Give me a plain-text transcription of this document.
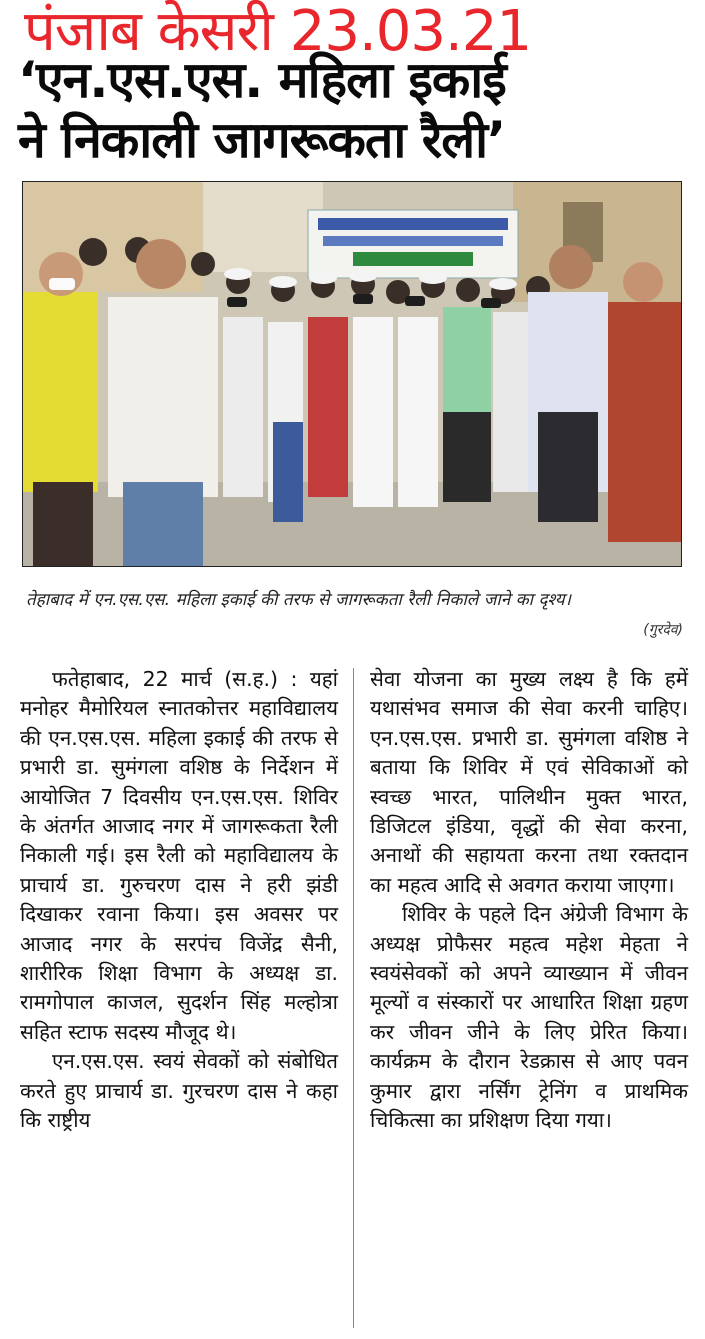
पंजाब केसरी 23.03.21
‘एन.एस.एस. महिला इकाई
ने निकाली जागरूकता रैली’
तेहाबाद में एन.एस.एस. महिला इकाई की तरफ से जागरूकता रैली निकाले जाने का दृश्य।
(गुरदेव)

फतेहाबाद, 22 मार्च (स.ह.) : यहां मनोहर मैमोरियल स्नातकोत्तर महाविद्यालय की एन.एस.एस. महिला इकाई की तरफ से प्रभारी डा. सुमंगला वशिष्ठ के निर्देशन में आयोजित 7 दिवसीय एन.एस.एस. शिविर के अंतर्गत आजाद नगर में जागरूकता रैली निकाली गई। इस रैली को महाविद्यालय के प्राचार्य डा. गुरुचरण दास ने हरी झंडी दिखाकर रवाना किया। इस अवसर पर आजाद नगर के सरपंच विजेंद्र सैनी, शारीरिक शिक्षा विभाग के अध्यक्ष डा. रामगोपाल काजल, सुदर्शन सिंह मल्होत्रा सहित स्टाफ सदस्य मौजूद थे।

एन.एस.एस. स्वयं सेवकों को संबोधित करते हुए प्राचार्य डा. गुरचरण दास ने कहा कि राष्ट्रीय

सेवा योजना का मुख्य लक्ष्य है कि हमें यथासंभव समाज की सेवा करनी चाहिए। एन.एस.एस. प्रभारी डा. सुमंगला वशिष्ठ ने बताया कि शिविर में एवं सेविकाओं को स्वच्छ भारत, पालिथीन मुक्त भारत, डिजिटल इंडिया, वृद्धों की सेवा करना, अनाथों की सहायता करना तथा रक्तदान का महत्व आदि से अवगत कराया जाएगा।

शिविर के पहले दिन अंग्रेजी विभाग के अध्यक्ष प्रोफैसर महत्व महेश मेहता ने स्वयंसेवकों को अपने व्याख्यान में जीवन मूल्यों व संस्कारों पर आधारित शिक्षा ग्रहण कर जीवन जीने के लिए प्रेरित किया। कार्यक्रम के दौरान रेडक्रास से आए पवन कुमार द्वारा नर्सिंग ट्रेनिंग व प्राथमिक चिकित्सा का प्रशिक्षण दिया गया।
